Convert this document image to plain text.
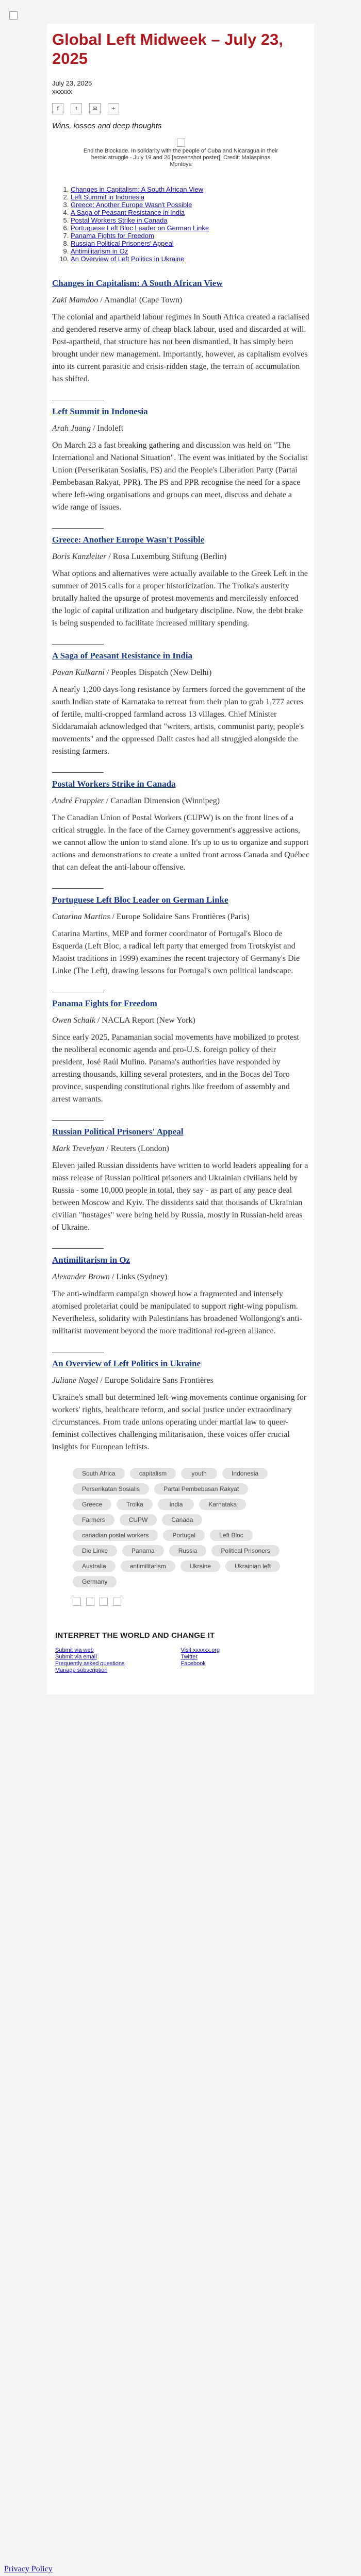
Global Left Midweek – July 23, 2025
July 23, 2025
xxxxxx
f	t	✉	+
Wins, losses and deep thoughts
End the Blockade. In solidarity with the people of Cuba and Nicaragua in their heroic struggle - July 19 and 26 [screenshot poster]. Credit: Malaspinas Montoya
1. Changes in Capitalism: A South African View
2. Left Summit in Indonesia
3. Greece: Another Europe Wasn't Possible
4. A Saga of Peasant Resistance in India
5. Postal Workers Strike in Canada
6. Portuguese Left Bloc Leader on German Linke
7. Panama Fights for Freedom
8. Russian Political Prisoners' Appeal
9. Antimilitarism in Oz
10. An Overview of Left Politics in Ukraine
Changes in Capitalism: A South African View

Zaki Mamdoo / Amandla! (Cape Town)

The colonial and apartheid labour regimes in South Africa created a racialised and gendered reserve army of cheap black labour, used and discarded at will. Post-apartheid, that structure has not been dismantled. It has simply been brought under new management. Importantly, however, as capitalism evolves into its current parasitic and crisis-ridden stage, the terrain of accumulation has shifted.

Left Summit in Indonesia

Arah Juang / Indoleft

On March 23 a fast breaking gathering and discussion was held on "The International and National Situation". The event was initiated by the Socialist Union (Perserikatan Sosialis, PS) and the People's Liberation Party (Partai Pembebasan Rakyat, PPR). The PS and PPR recognise the need for a space where left-wing organisations and groups can meet, discuss and debate a wide range of issues.

Greece: Another Europe Wasn't Possible

Boris Kanzleiter / Rosa Luxemburg Stiftung (Berlin)

What options and alternatives were actually available to the Greek Left in the summer of 2015 calls for a proper historicization. The Troika's austerity brutally halted the upsurge of protest movements and mercilessly enforced the logic of capital utilization and budgetary discipline. Now, the debt brake is being suspended to facilitate increased military spending.

A Saga of Peasant Resistance in India

Pavan Kulkarni / Peoples Dispatch (New Delhi)

A nearly 1,200 days-long resistance by farmers forced the government of the south Indian state of Karnataka to retreat from their plan to grab 1,777 acres of fertile, multi-cropped farmland across 13 villages. Chief Minister Siddaramaiah acknowledged that "writers, artists, communist party, people's movements" and the oppressed Dalit castes had all struggled alongside the resisting farmers.

Postal Workers Strike in Canada

André Frappier / Canadian Dimension (Winnipeg)

The Canadian Union of Postal Workers (CUPW) is on the front lines of a critical struggle. In the face of the Carney government's aggressive actions, we cannot allow the union to stand alone. It's up to us to organize and support actions and demonstrations to create a united front across Canada and Québec that can defeat the anti-labour offensive.

Portuguese Left Bloc Leader on German Linke

Catarina Martins / Europe Solidaire Sans Frontières (Paris)

Catarina Martins, MEP and former coordinator of Portugal's Bloco de Esquerda (Left Bloc, a radical left party that emerged from Trotskyist and Maoist traditions in 1999) examines the recent trajectory of Germany's Die Linke (The Left), drawing lessons for Portugal's own political landscape.

Panama Fights for Freedom

Owen Schalk / NACLA Report (New York)

Since early 2025, Panamanian social movements have mobilized to protest the neoliberal economic agenda and pro-U.S. foreign policy of their president, José Raúl Mulino. Panama's authorities have responded by arresting thousands, killing several protesters, and in the Bocas del Toro province, suspending constitutional rights like freedom of assembly and arrest warrants.

Russian Political Prisoners' Appeal

Mark Trevelyan / Reuters (London)

Eleven jailed Russian dissidents have written to world leaders appealing for a mass release of Russian political prisoners and Ukrainian civilians held by Russia - some 10,000 people in total, they say - as part of any peace deal between Moscow and Kyiv. The dissidents said that thousands of Ukrainian civilian "hostages" were being held by Russia, mostly in Russian-held areas of Ukraine.

Antimilitarism in Oz

Alexander Brown / Links (Sydney)

The anti-windfarm campaign showed how a fragmented and intensely atomised proletariat could be manipulated to support right-wing populism. Nevertheless, solidarity with Palestinians has broadened Wollongong's anti-militarist movement beyond the more traditional red-green alliance.

An Overview of Left Politics in Ukraine

Juliane Nagel / Europe Solidaire Sans Frontières

Ukraine's small but determined left-wing movements continue organising for workers' rights, healthcare reform, and social justice under extraordinary circumstances. From trade unions operating under martial law to queer-feminist collectives challenging militarisation, these voices offer crucial insights for European leftists.

South Africa	capitalism	youth	IndonesiaPerserikatan Sosialis	Partai Pembebasan RakyatGreece	Troika	India	KarnatakaFarmers	CUPW	Canadacanadian postal workers	Portugal	Left BlocDie Linke	Panama	Russia	Political PrisonersAustralia	antimilitarism	Ukraine	Ukrainian leftGermany
INTERPRET THE WORLD AND CHANGE IT
Submit via web
Submit via email
Frequently asked questions
Manage subscription
Visit xxxxxx.org
Twitter
Facebook
Privacy Policy
